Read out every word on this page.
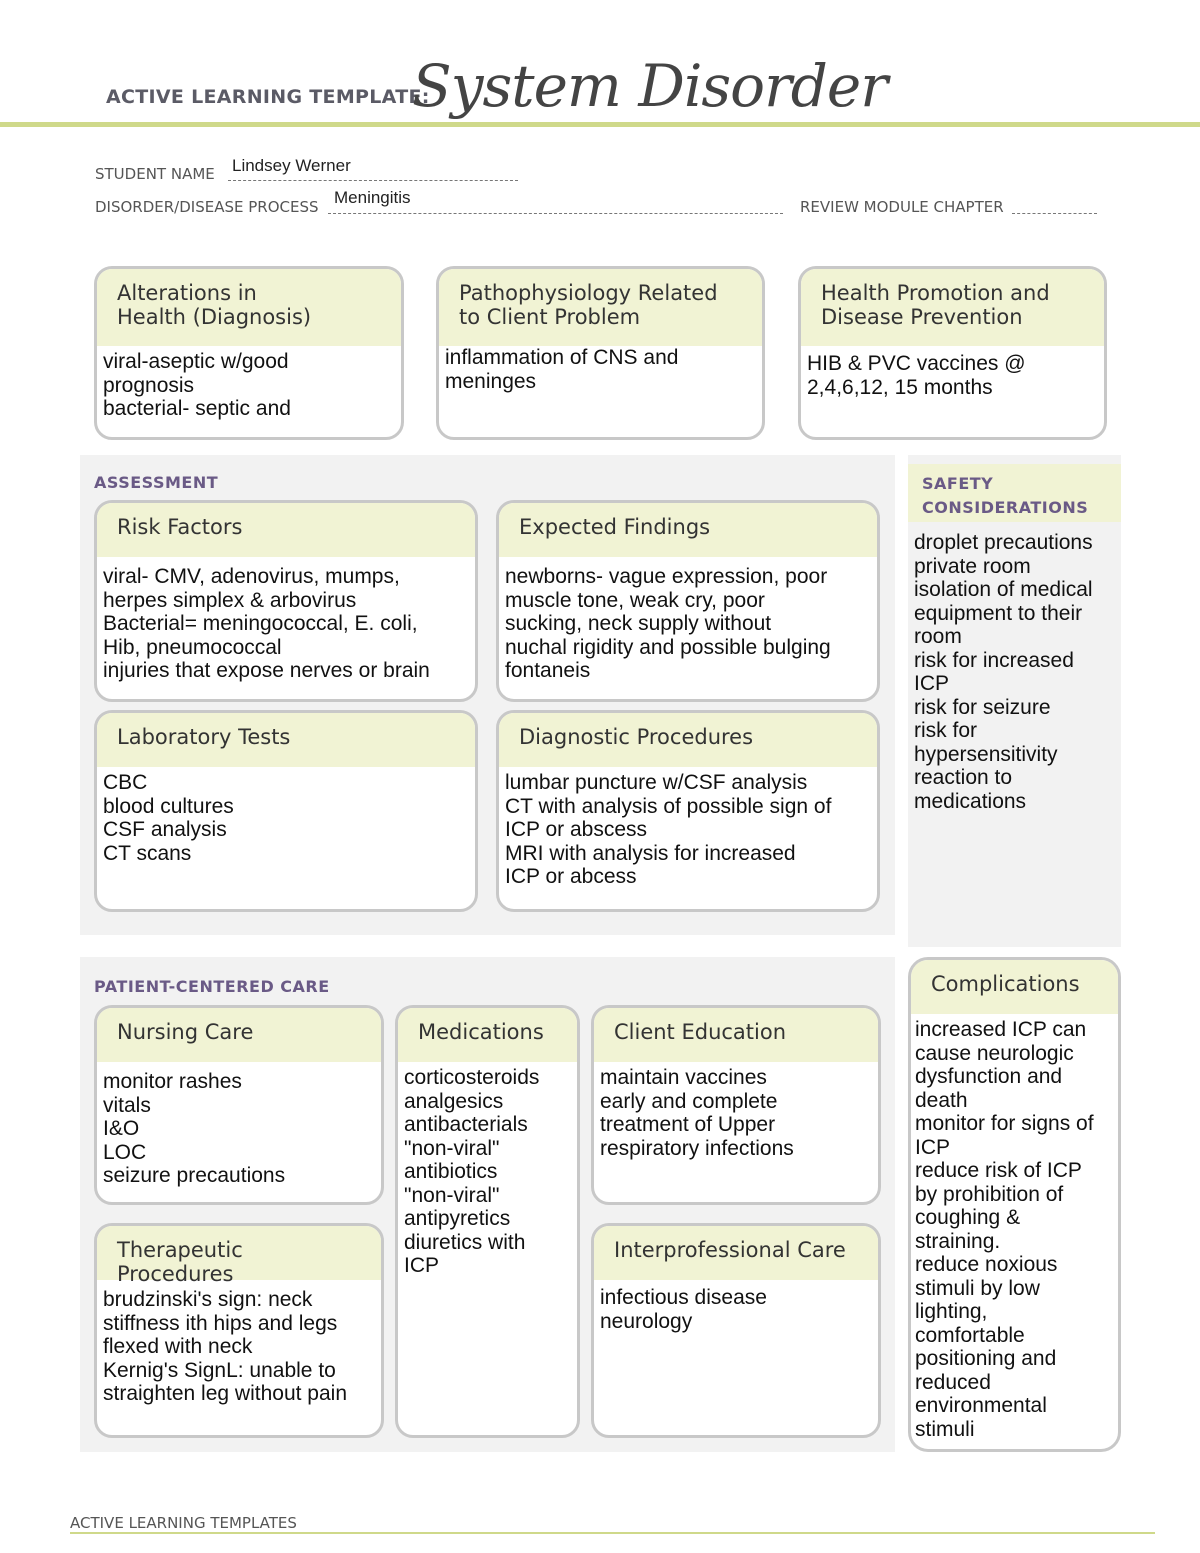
ACTIVE LEARNING TEMPLATE:
System Disorder
STUDENT NAME Lindsey Werner
DISORDER/DISEASE PROCESS Meningitis	REVIEW MODULE CHAPTER
Alterations in
Health (Diagnosis)
viral-aseptic w/good
prognosis
bacterial- septic and
Pathophysiology Related
to Client Problem
inflammation of CNS and
meninges
Health Promotion and
Disease Prevention
HIB & PVC vaccines @
2,4,6,12, 15 months
ASSESSMENT
Risk Factors
viral- CMV, adenovirus, mumps,
herpes simplex & arbovirus
Bacterial= meningococcal, E. coli,
Hib, pneumococcal
injuries that expose nerves or brain
Expected Findings
newborns- vague expression, poor
muscle tone, weak cry, poor
sucking, neck supply without
nuchal rigidity and possible bulging
fontaneis
Laboratory Tests
CBC
blood cultures
CSF analysis
CT scans
Diagnostic Procedures
lumbar puncture w/CSF analysis
CT with analysis of possible sign of
ICP or abscess
MRI with analysis for increased
ICP or abcess
SAFETY
CONSIDERATIONS
droplet precautions
private room
isolation of medical
equipment to their
room
risk for increased
ICP
risk for seizure
risk for
hypersensitivity
reaction to
medications
PATIENT-CENTERED CARE
Nursing Care
monitor rashes
vitals
I&O
LOC
seizure precautions
Medications
corticosteroids
analgesics
antibacterials
"non-viral"
antibiotics
"non-viral"
antipyretics
diuretics with
ICP
Client Education
maintain vaccines
early and complete
treatment of Upper
respiratory infections
Therapeutic Procedures
brudzinski's sign: neck
stiffness ith hips and legs
flexed with neck
Kernig's SignL: unable to
straighten leg without pain
Interprofessional Care
infectious disease
neurology
Complications
increased ICP can
cause neurologic
dysfunction and
death
monitor for signs of
ICP
reduce risk of ICP
by prohibition of
coughing &
straining.
reduce noxious
stimuli by low
lighting,
comfortable
positioning and
reduced
environmental
stimuli
ACTIVE LEARNING TEMPLATES
